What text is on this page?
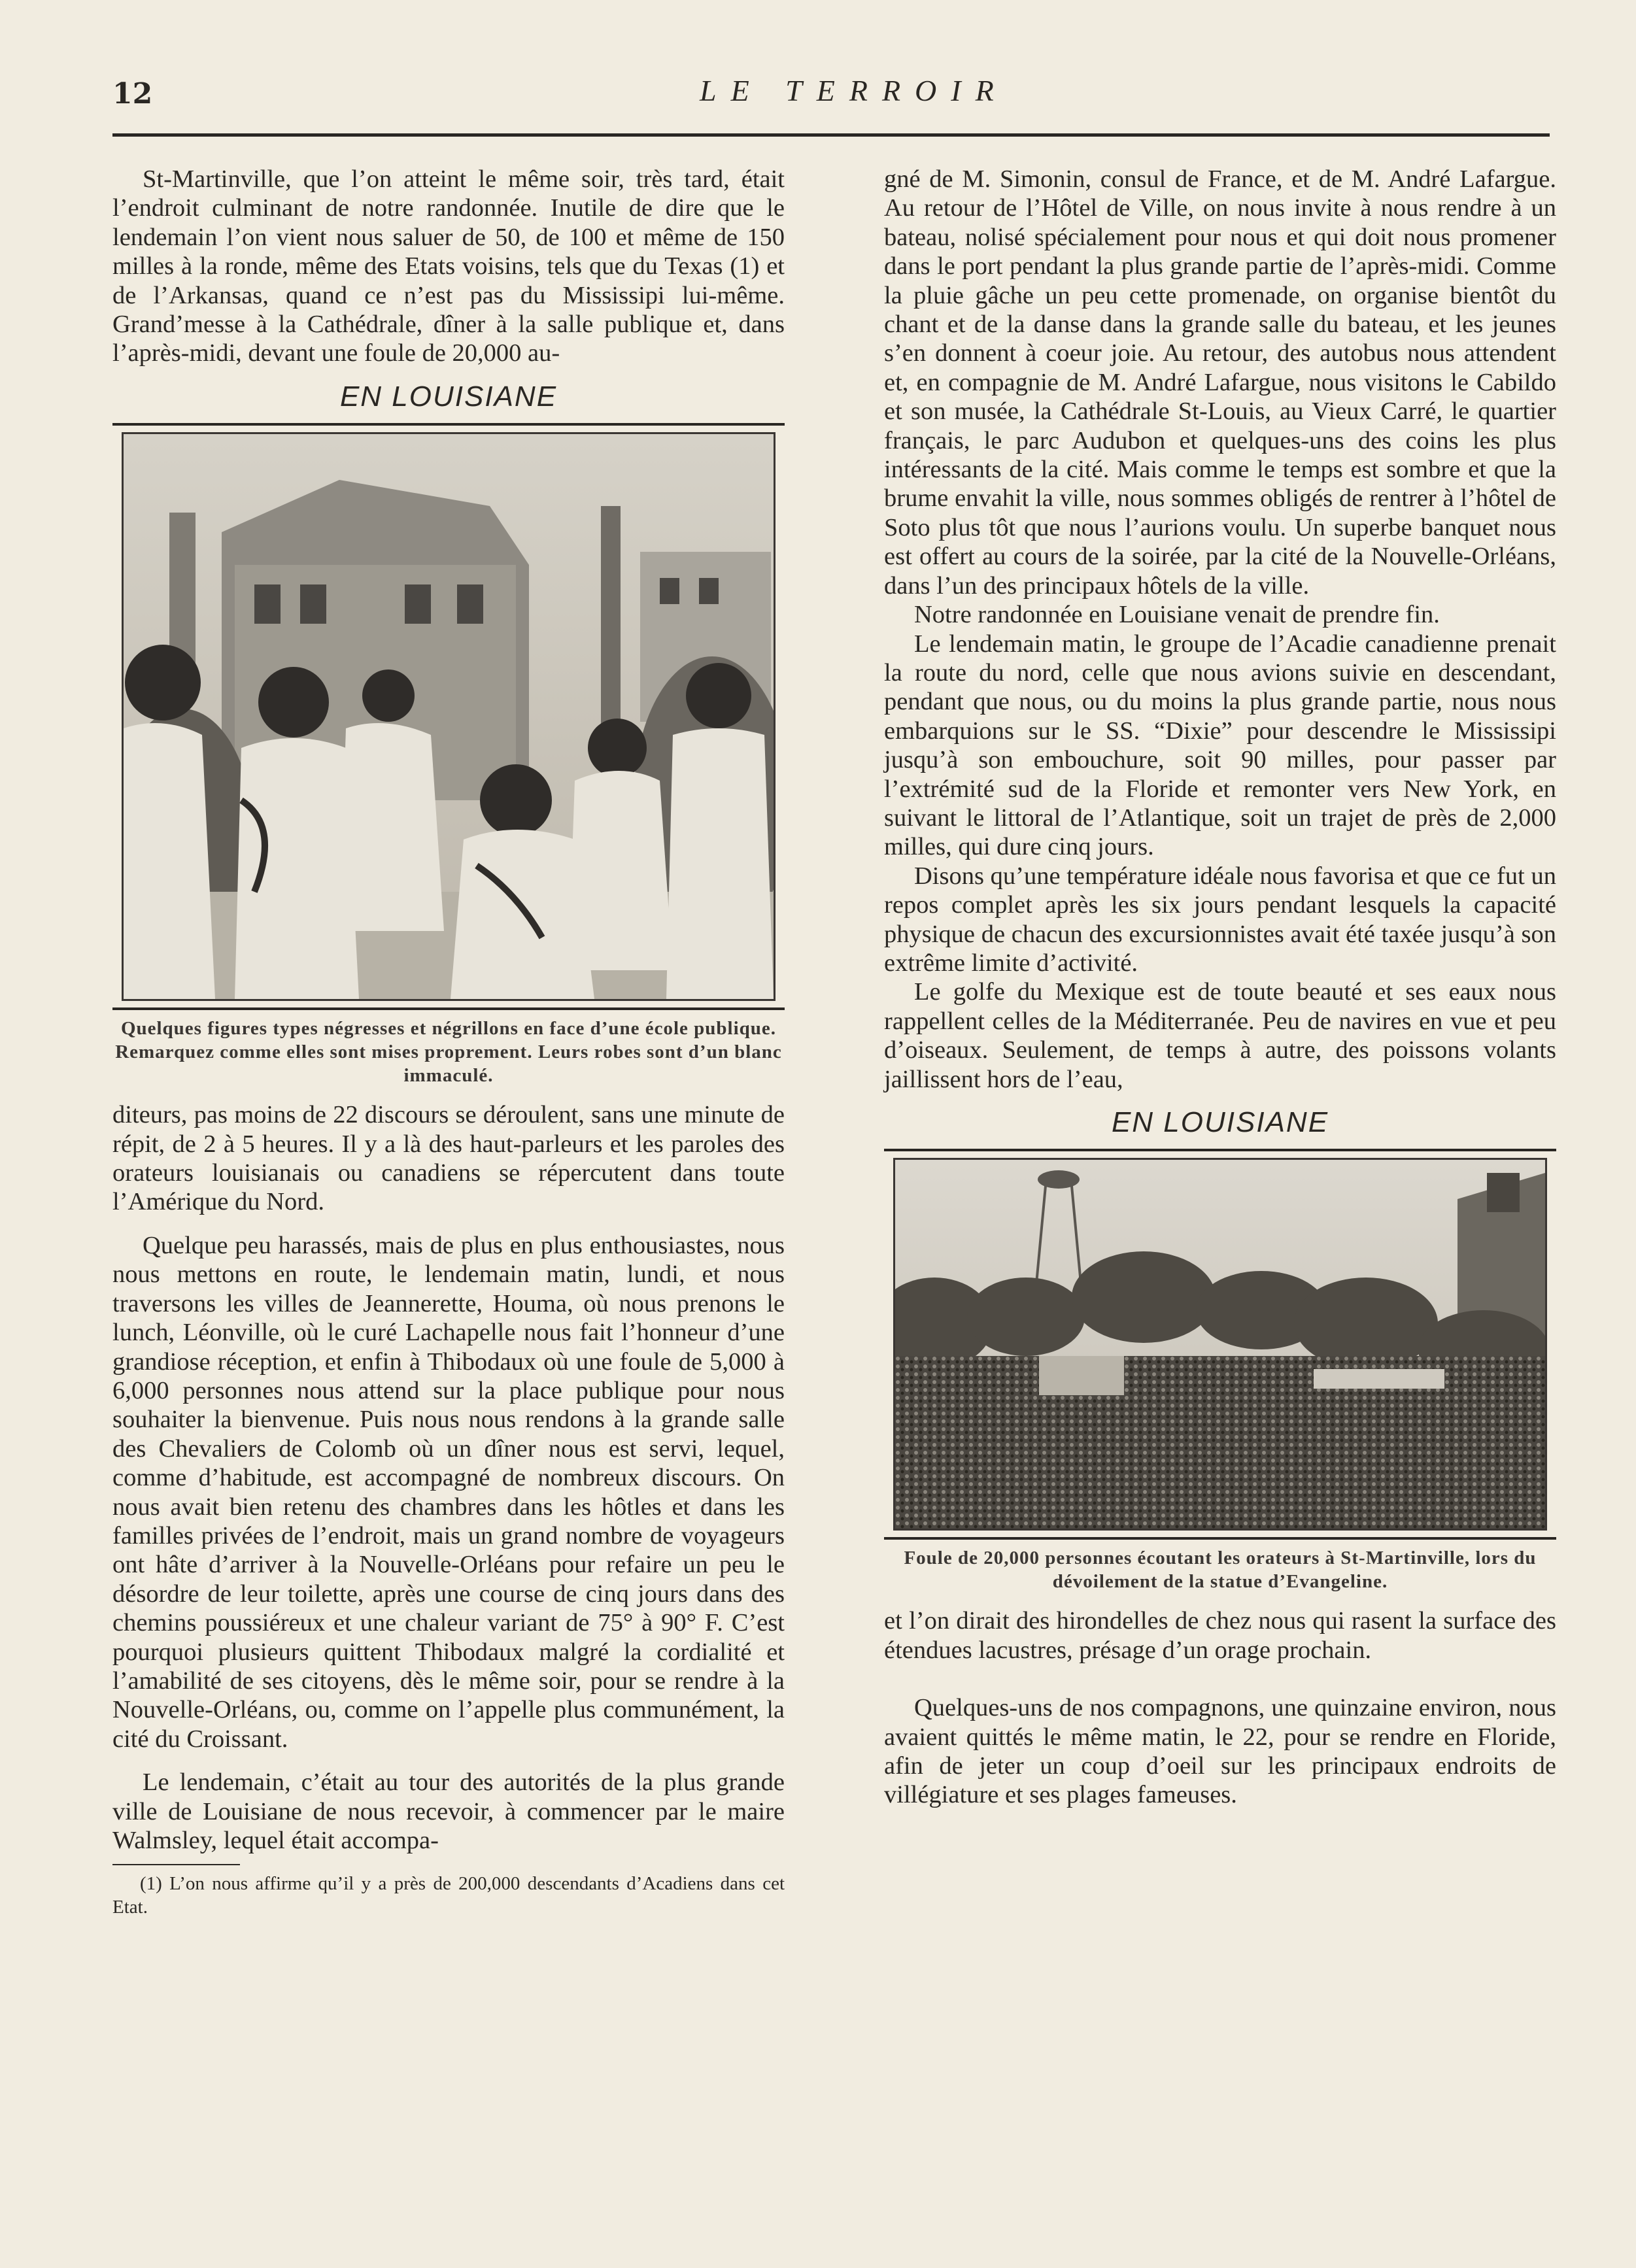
12	LE TERROIR

St-Martinville, que l’on atteint le même soir, très tard, était l’endroit culminant de notre randonnée. Inutile de dire que le lendemain l’on vient nous saluer de 50, de 100 et même de 150 milles à la ronde, même des Etats voisins, tels que du Texas (1) et de l’Arkansas, quand ce n’est pas du Mississipi lui-même. Grand’messe à la Cathédrale, dîner à la salle publique et, dans l’après-midi, devant une foule de 20,000 au-

EN LOUISIANE
Quelques figures types négresses et négrillons en face d’une école publique. Remarquez comme elles sont mises proprement. Leurs robes sont d’un blanc immaculé.

diteurs, pas moins de 22 discours se déroulent, sans une minute de répit, de 2 à 5 heures. Il y a là des haut-parleurs et les paroles des orateurs louisianais ou canadiens se répercutent dans toute l’Amérique du Nord.

Quelque peu harassés, mais de plus en plus enthousiastes, nous nous mettons en route, le lendemain matin, lundi, et nous traversons les villes de Jeannerette, Houma, où nous prenons le lunch, Léonville, où le curé Lachapelle nous fait l’honneur d’une grandiose réception, et enfin à Thibodaux où une foule de 5,000 à 6,000 personnes nous attend sur la place publique pour nous souhaiter la bienvenue. Puis nous nous rendons à la grande salle des Chevaliers de Colomb où un dîner nous est servi, lequel, comme d’habitude, est accompagné de nombreux discours. On nous avait bien retenu des chambres dans les hôtles et dans les familles privées de l’endroit, mais un grand nombre de voyageurs ont hâte d’arriver à la Nouvelle-Orléans pour refaire un peu le désordre de leur toilette, après une course de cinq jours dans des chemins poussiéreux et une chaleur variant de 75° à 90° F. C’est pourquoi plusieurs quittent Thibodaux malgré la cordialité et l’amabilité de ses citoyens, dès le même soir, pour se rendre à la Nouvelle-Orléans, ou, comme on l’appelle plus communément, la cité du Croissant.

Le lendemain, c’était au tour des autorités de la plus grande ville de Louisiane de nous recevoir, à commencer par le maire Walmsley, lequel était accompa-

(1) L’on nous affirme qu’il y a près de 200,000 descendants d’Acadiens dans cet Etat.

gné de M. Simonin, consul de France, et de M. André Lafargue. Au retour de l’Hôtel de Ville, on nous invite à nous rendre à un bateau, nolisé spécialement pour nous et qui doit nous promener dans le port pendant la plus grande partie de l’après-midi. Comme la pluie gâche un peu cette promenade, on organise bientôt du chant et de la danse dans la grande salle du bateau, et les jeunes s’en donnent à coeur joie. Au retour, des autobus nous attendent et, en compagnie de M. André Lafargue, nous visitons le Cabildo et son musée, la Cathédrale St-Louis, au Vieux Carré, le quartier français, le parc Audubon et quelques-uns des coins les plus intéressants de la cité. Mais comme le temps est sombre et que la brume envahit la ville, nous sommes obligés de rentrer à l’hôtel de Soto plus tôt que nous l’aurions voulu. Un superbe banquet nous est offert au cours de la soirée, par la cité de la Nouvelle-Orléans, dans l’un des principaux hôtels de la ville.

Notre randonnée en Louisiane venait de prendre fin.

Le lendemain matin, le groupe de l’Acadie canadienne prenait la route du nord, celle que nous avions suivie en descendant, pendant que nous, ou du moins la plus grande partie, nous nous embarquions sur le SS. “Dixie” pour descendre le Mississipi jusqu’à son embouchure, soit 90 milles, pour passer par l’extrémité sud de la Floride et remonter vers New York, en suivant le littoral de l’Atlantique, soit un trajet de près de 2,000 milles, qui dure cinq jours.

Disons qu’une température idéale nous favorisa et que ce fut un repos complet après les six jours pendant lesquels la capacité physique de chacun des excursionnistes avait été taxée jusqu’à son extrême limite d’activité.

Le golfe du Mexique est de toute beauté et ses eaux nous rappellent celles de la Méditerranée. Peu de navires en vue et peu d’oiseaux. Seulement, de temps à autre, des poissons volants jaillissent hors de l’eau,

EN LOUISIANE
Foule de 20,000 personnes écoutant les orateurs à St-Martinville, lors du dévoilement de la statue d’Evangeline.

et l’on dirait des hirondelles de chez nous qui rasent la surface des étendues lacustres, présage d’un orage prochain.

Quelques-uns de nos compagnons, une quinzaine environ, nous avaient quittés le même matin, le 22, pour se rendre en Floride, afin de jeter un coup d’oeil sur les principaux endroits de villégiature et ses plages fameuses.
